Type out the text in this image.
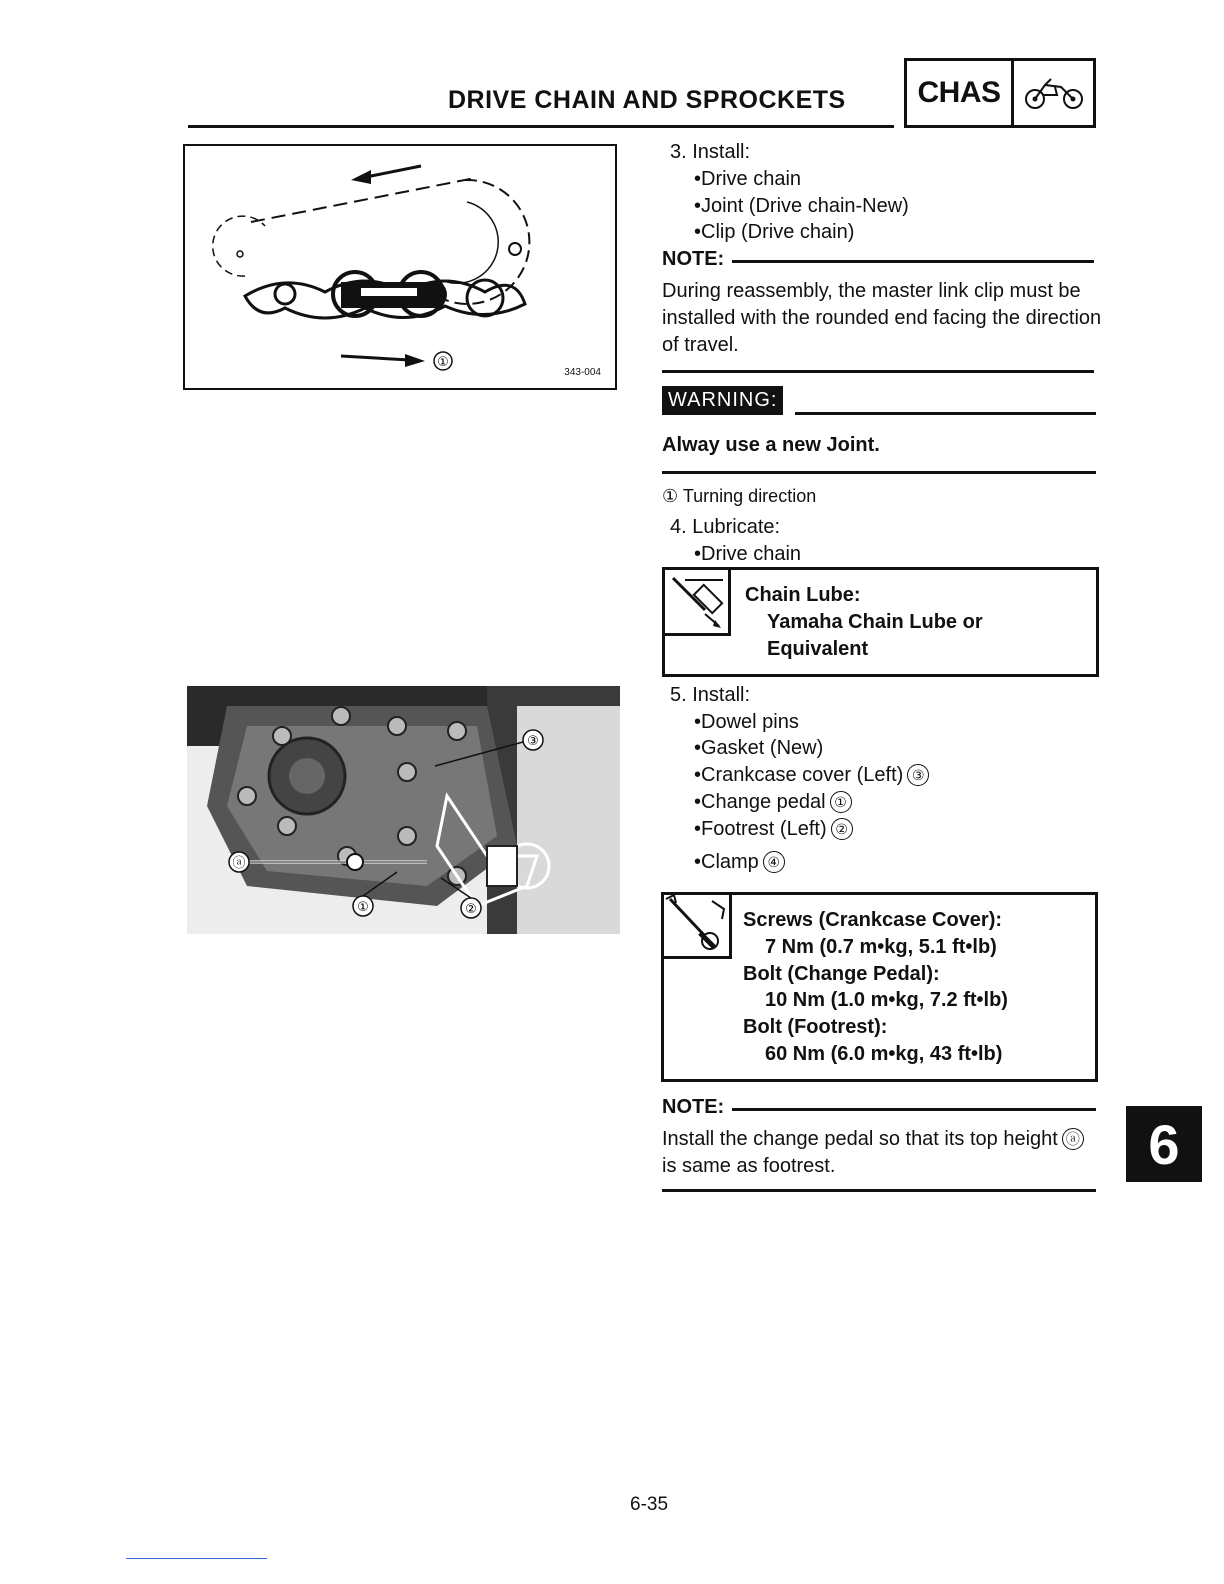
DRIVE CHAIN AND SPROCKETS	CHAS
①
343-004
③
ⓐ
①	②
3. Install:
•Drive chain
•Joint (Drive chain-New)
•Clip (Drive chain)
NOTE:
During reassembly, the master link clip must be installed with the rounded end facing the direction of travel.
WARNING:
Alway use a new Joint.
① Turning direction
4. Lubricate:
•Drive chain
Chain Lube:
Yamaha Chain Lube or
Equivalent
5. Install:
•Dowel pins
•Gasket (New)
•Crankcase cover (Left) ③
•Change pedal ①
•Footrest (Left) ②
•Clamp ④
Screws (Crankcase Cover):
7 Nm (0.7 m•kg, 5.1 ft•lb)
Bolt (Change Pedal):
10 Nm (1.0 m•kg, 7.2 ft•lb)
Bolt (Footrest):
60 Nm (6.0 m•kg, 43 ft•lb)
NOTE:
Install the change pedal so that its top height ⓐ
is same as footrest.	6
6-35
